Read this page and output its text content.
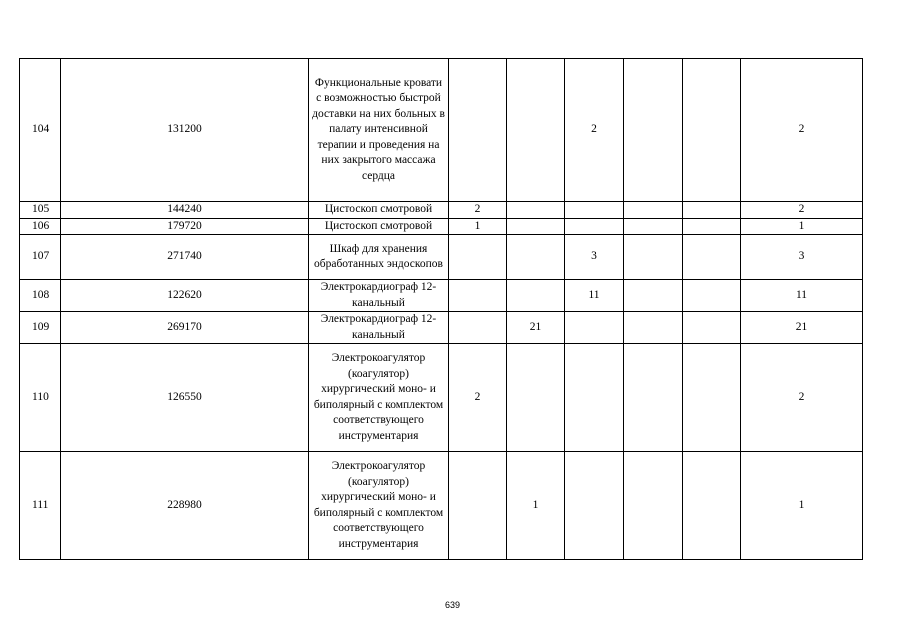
104	131200	Функциональные кровати с возможностью быстрой доставки на них больных в палату интенсивной терапии и проведения на них закрытого массажа сердца			2			2
105	144240	Цистоскоп смотровой	2					2
106	179720	Цистоскоп смотровой	1					1
107	271740	Шкаф для хранения обработанных эндоскопов			3			3
108	122620	Электрокардиограф 12-канальный			11			11
109	269170	Электрокардиограф 12-канальный		21				21
110	126550	Электрокоагулятор (коагулятор) хирургический моно- и биполярный с комплектом соответствующего инструментария	2					2
111	228980	Электрокоагулятор (коагулятор) хирургический моно- и биполярный с комплектом соответствующего инструментария		1				1
639
